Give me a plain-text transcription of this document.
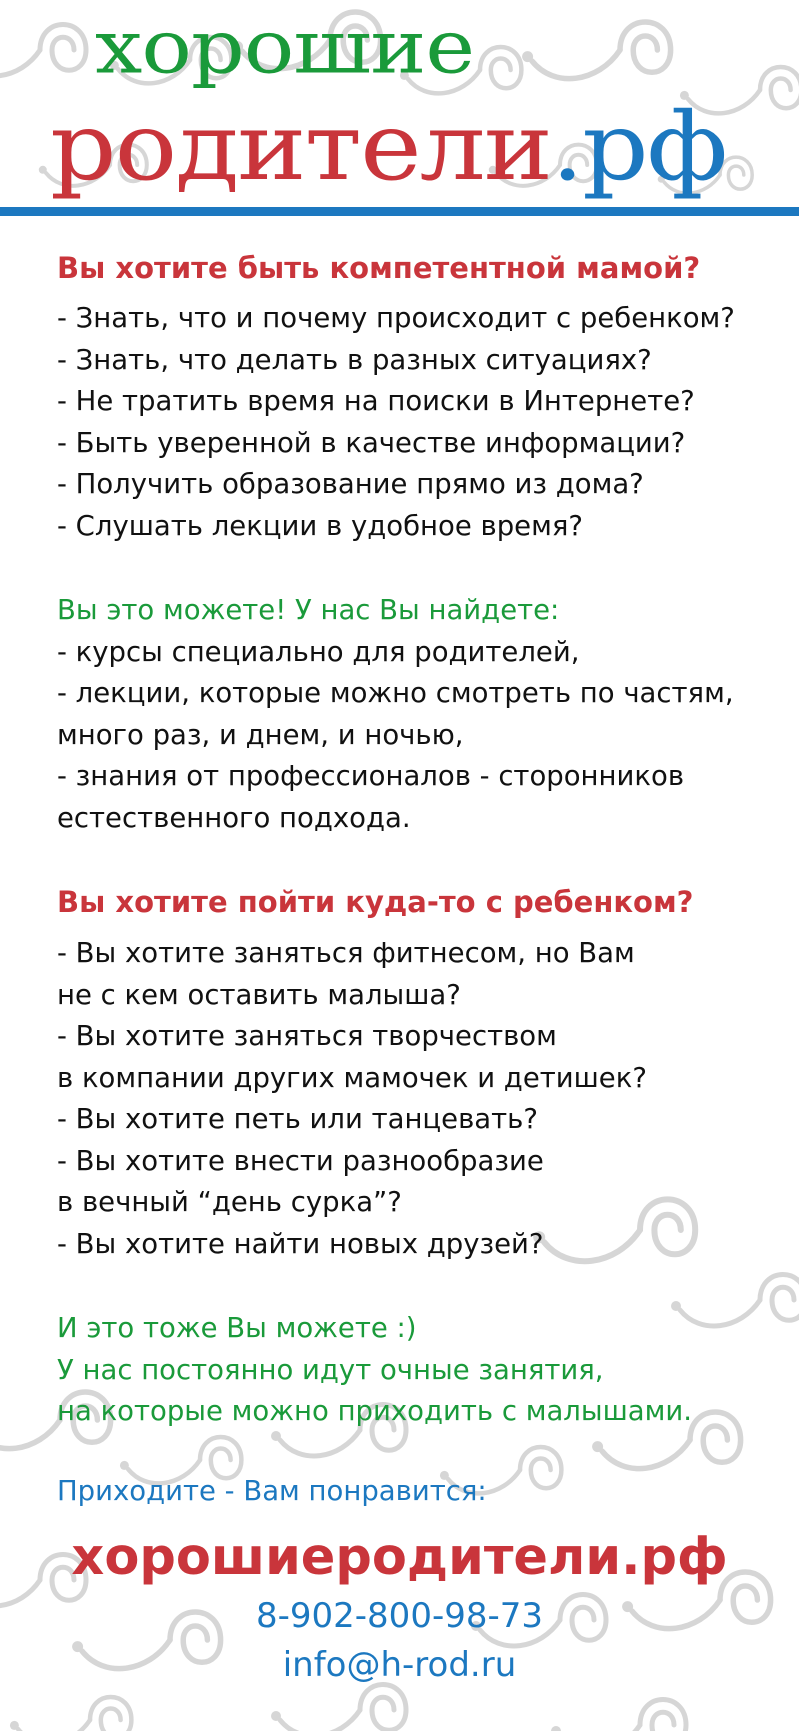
хорошие
родители.рф
Вы хотите быть компетентной мамой?
- Знать, что и почему происходит с ребенком?
- Знать, что делать в разных ситуациях?
- Не тратить время на поиски в Интернете?
- Быть уверенной в качестве информации?
- Получить образование прямо из дома?
- Слушать лекции в удобное время?
Вы это можете! У нас Вы найдете:
- курсы специально для родителей,
- лекции, которые можно смотреть по частям,
много раз, и днем, и ночью,
- знания от профессионалов - сторонников
естественного подхода.
Вы хотите пойти куда-то с ребенком?
- Вы хотите заняться фитнесом, но Вам
не с кем оставить малыша?
- Вы хотите заняться творчеством
в компании других мамочек и детишек?
- Вы хотите петь или танцевать?
- Вы хотите внести разнообразие
в вечный “день сурка”?
- Вы хотите найти новых друзей?
И это тоже Вы можете :)
У нас постоянно идут очные занятия,
на которые можно приходить с малышами.
Приходите - Вам понравится:
хорошиеродители.рф
8-902-800-98-73
info@h-rod.ru
